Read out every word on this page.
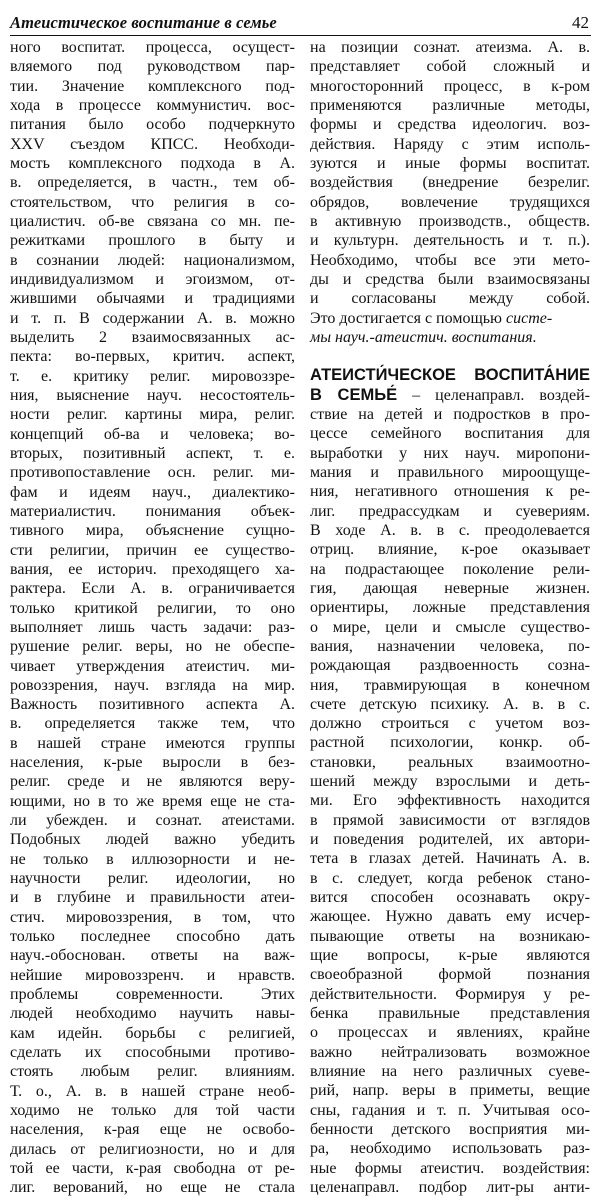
Атеистическое воспитание в семье	42
ного воспитат. процесса, осущест-
вляемого под руководством пар-
тии. Значение комплексного под-
хода в процессе коммунистич. вос-
питания было особо подчеркнуто
XXV съездом КПСС. Необходи-
мость комплексного подхода в А.
в. определяется, в частн., тем об-
стоятельством, что религия в со-
циалистич. об-ве связана со мн. пе-
режитками прошлого в быту и
в сознании людей: национализмом,
индивидуализмом и эгоизмом, от-
жившими обычаями и традициями
и т. п. В содержании А. в. можно
выделить 2 взаимосвязанных ас-
пекта: во-первых, критич. аспект,
т. е. критику религ. мировоззре-
ния, выяснение науч. несостоятель-
ности религ. картины мира, религ.
концепций об-ва и человека; во-
вторых, позитивный аспект, т. е.
противопоставление осн. религ. ми-
фам и идеям науч., диалектико-
материалистич. понимания объек-
тивного мира, объяснение сущно-
сти религии, причин ее существо-
вания, ее историч. преходящего ха-
рактера. Если А. в. ограничивается
только критикой религии, то оно
выполняет лишь часть задачи: раз-
рушение религ. веры, но не обеспе-
чивает утверждения атеистич. ми-
ровоззрения, науч. взгляда на мир.
Важность позитивного аспекта А.
в. определяется также тем, что
в нашей стране имеются группы
населения, к-рые выросли в без-
религ. среде и не являются веру-
ющими, но в то же время еще не ста-
ли убежден. и сознат. атеистами.
Подобных людей важно убедить
не только в иллюзорности и не-
научности религ. идеологии, но
и в глубине и правильности атеи-
стич. мировоззрения, в том, что
только последнее способно дать
науч.-обоснован. ответы на важ-
нейшие мировоззренч. и нравств.
проблемы современности. Этих
людей необходимо научить навы-
кам идейн. борьбы с религией,
сделать их способными противо-
стоять любым религ. влияниям.
Т. о., А. в. в нашей стране необ-
ходимо не только для той части
населения, к-рая еще не освобо-
дилась от религиозности, но и для
той ее части, к-рая свободна от ре-
лиг. верований, но еще не стала
на позиции сознат. атеизма. А. в.
представляет собой сложный и
многосторонний процесс, в к-ром
применяются различные методы,
формы и средства идеологич. воз-
действия. Наряду с этим исполь-
зуются и иные формы воспитат.
воздействия (внедрение безрелиг.
обрядов, вовлечение трудящихся
в активную производств., обществ.
и культурн. деятельность и т. п.).
Необходимо, чтобы все эти мето-
ды и средства были взаимосвязаны
и согласованы между собой.
Это достигается с помощью систе-
мы науч.-атеистич. воспитания.
АТЕИСТИ́ЧЕСКОЕ ВОСПИТА́НИЕ
В СЕМЬЕ́ – целенаправл. воздей-
ствие на детей и подростков в про-
цессе семейного воспитания для
выработки у них науч. миропони-
мания и правильного мироощуще-
ния, негативного отношения к ре-
лиг. предрассудкам и суевериям.
В ходе А. в. в с. преодолевается
отриц. влияние, к-рое оказывает
на подрастающее поколение рели-
гия, дающая неверные жизнен.
ориентиры, ложные представления
о мире, цели и смысле существо-
вания, назначении человека, по-
рождающая раздвоенность созна-
ния, травмирующая в конечном
счете детскую психику. А. в. в с.
должно строиться с учетом воз-
растной психологии, конкр. об-
становки, реальных взаимоотно-
шений между взрослыми и деть-
ми. Его эффективность находится
в прямой зависимости от взглядов
и поведения родителей, их автори-
тета в глазах детей. Начинать А. в.
в с. следует, когда ребенок стано-
вится способен осознавать окру-
жающее. Нужно давать ему исчер-
пывающие ответы на возникаю-
щие вопросы, к-рые являются
своеобразной формой познания
действительности. Формируя у ре-
бенка правильные представления
о процессах и явлениях, крайне
важно нейтрализовать возможное
влияние на него различных суеве-
рий, напр. веры в приметы, вещие
сны, гадания и т. п. Учитывая осо-
бенности детского восприятия ми-
ра, необходимо использовать раз-
ные формы атеистич. воздействия:
целенаправл. подбор лит-ры анти-
